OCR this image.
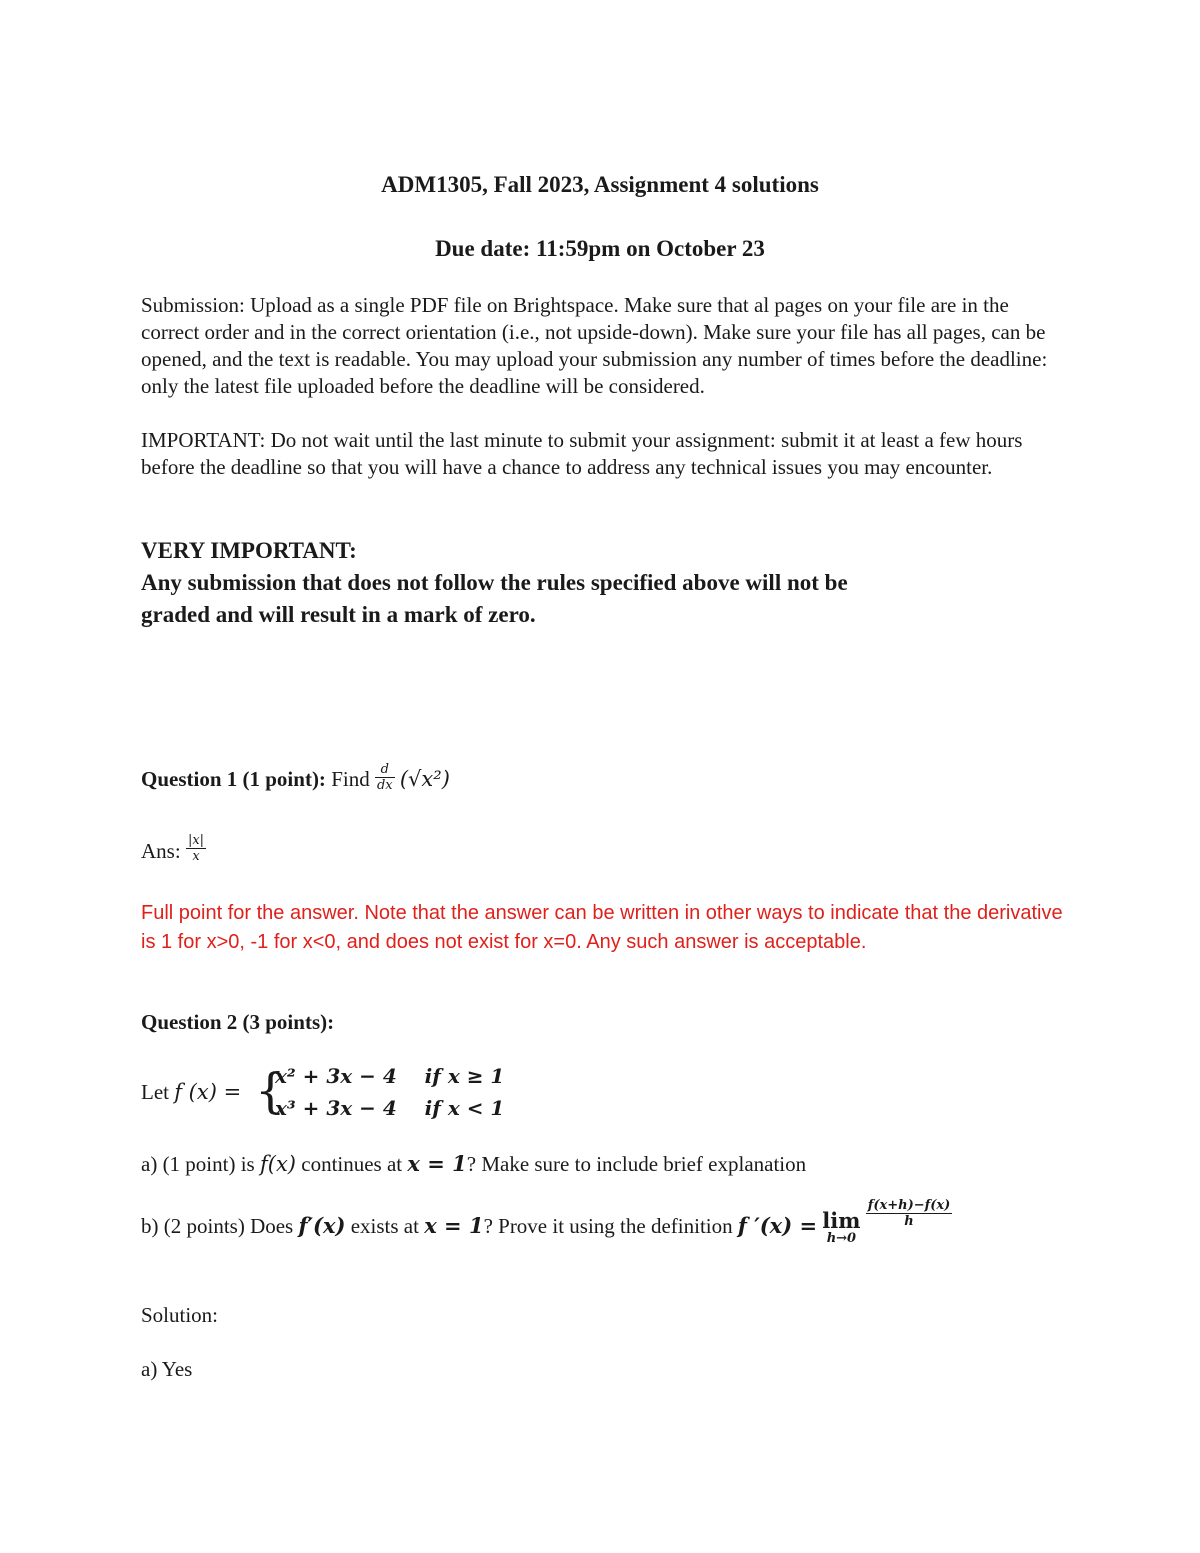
ADM1305, Fall 2023, Assignment 4 solutions
Due date: 11:59pm on October 23
Submission: Upload as a single PDF file on Brightspace. Make sure that al pages on your file are in the correct order and in the correct orientation (i.e., not upside-down). Make sure your file has all pages, can be opened, and the text is readable. You may upload your submission any number of times before the deadline: only the latest file uploaded before the deadline will be considered.
IMPORTANT: Do not wait until the last minute to submit your assignment: submit it at least a few hours before the deadline so that you will have a chance to address any technical issues you may encounter.
VERY IMPORTANT:
Any submission that does not follow the rules specified above will not be
graded and will result in a mark of zero.
Question 1 (1 point): Find $\frac{d}{dx} (√x^2)$
Ans: $\frac{|x|}{x}$
Full point for the answer. Note that the answer can be written in other ways to indicate that the derivative is 1 for x>0, -1 for x<0, and does not exist for x=0. Any such answer is acceptable.
Question 2 (3 points):
Let f (x) = {
x² + 3x − 4    if x ≥ 1
x³ + 3x − 4    if x < 1
a) (1 point) is f(x) continues at x = 1? Make sure to include brief explanation
b) (2 points) Does f′(x) exists at x = 1? Prove it using the definition f ′(x) = lim
h→0

$\frac{f(x+h)-f(x)}{h}$
Solution:
a) Yes
